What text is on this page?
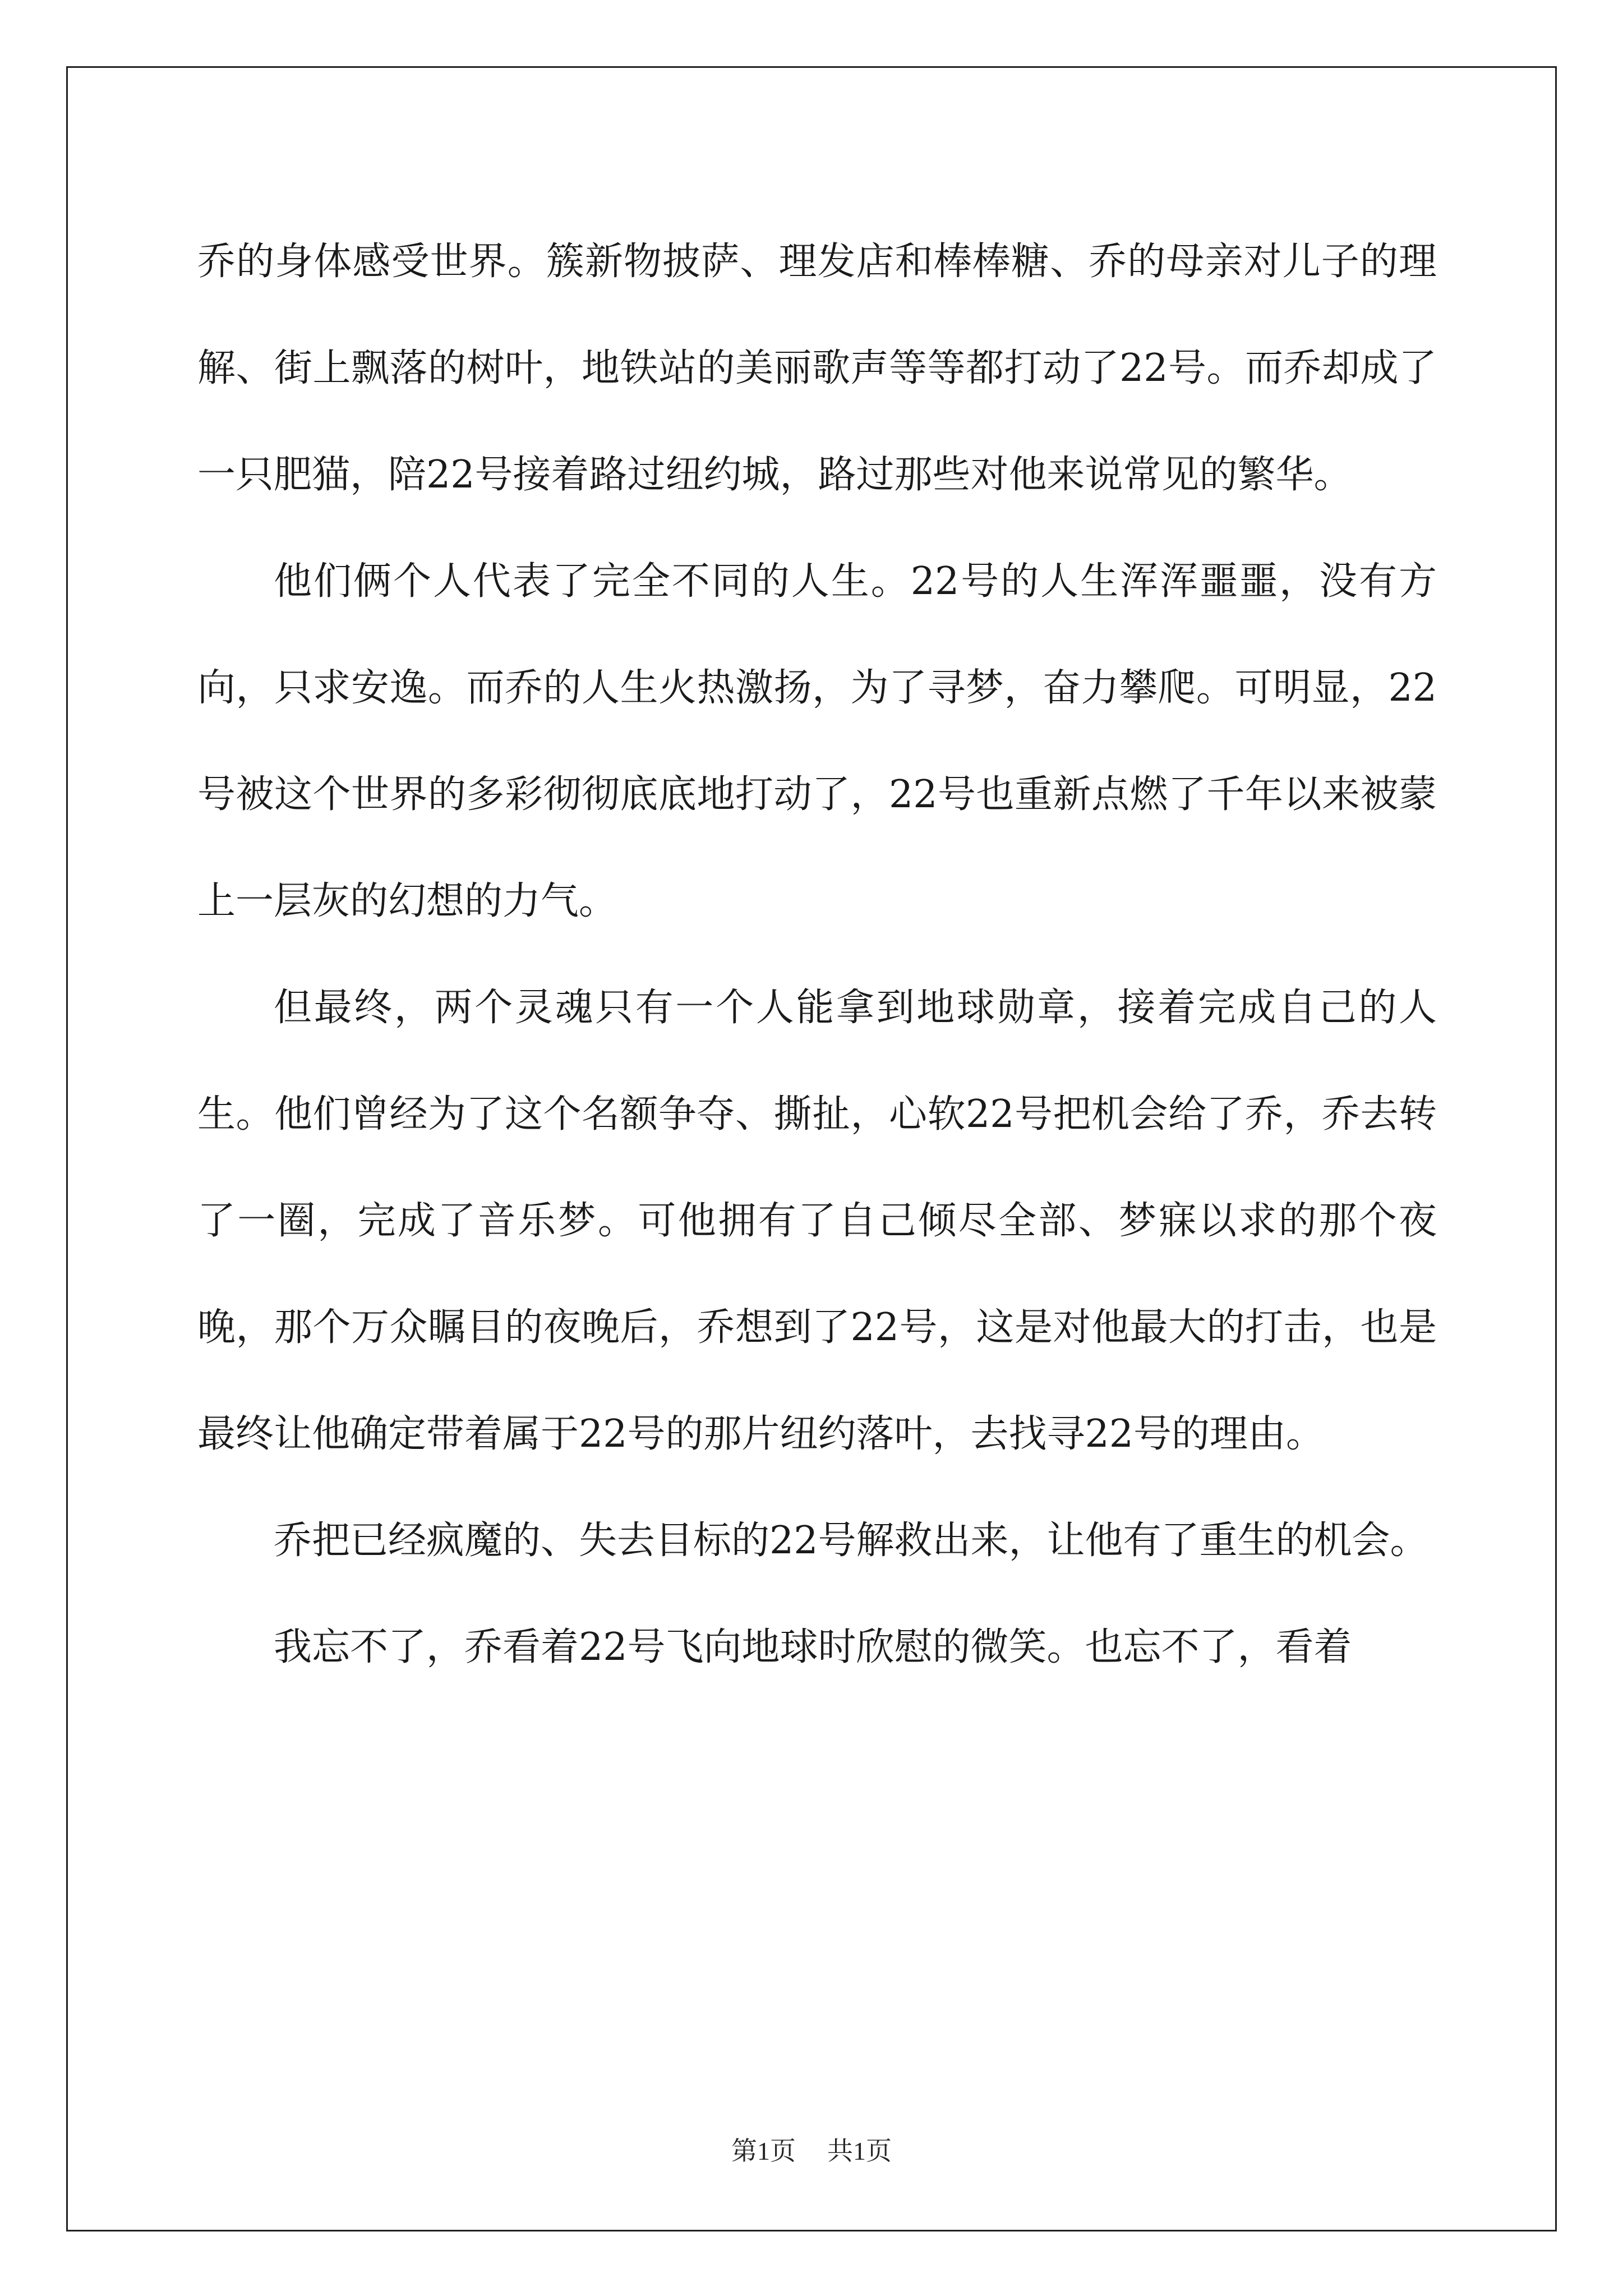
乔的身体感受世界。簇新物披萨、理发店和棒棒糖、乔的母亲对儿子的理解、街上飘落的树叶，地铁站的美丽歌声等等都打动了22号。而乔却成了一只肥猫，陪22号接着路过纽约城，路过那些对他来说常见的繁华。

他们俩个人代表了完全不同的人生。22号的人生浑浑噩噩，没有方向，只求安逸。而乔的人生火热激扬，为了寻梦，奋力攀爬。可明显，22号被这个世界的多彩彻彻底底地打动了，22号也重新点燃了千年以来被蒙上一层灰的幻想的力气。

但最终，两个灵魂只有一个人能拿到地球勋章，接着完成自己的人生。他们曾经为了这个名额争夺、撕扯，心软22号把机会给了乔，乔去转了一圈，完成了音乐梦。可他拥有了自己倾尽全部、梦寐以求的那个夜晚，那个万众瞩目的夜晚后，乔想到了22号，这是对他最大的打击，也是最终让他确定带着属于22号的那片纽约落叶，去找寻22号的理由。

乔把已经疯魔的、失去目标的22号解救出来，让他有了重生的机会。

我忘不了，乔看着22号飞向地球时欣慰的微笑。也忘不了，看着

第1页 共1页
